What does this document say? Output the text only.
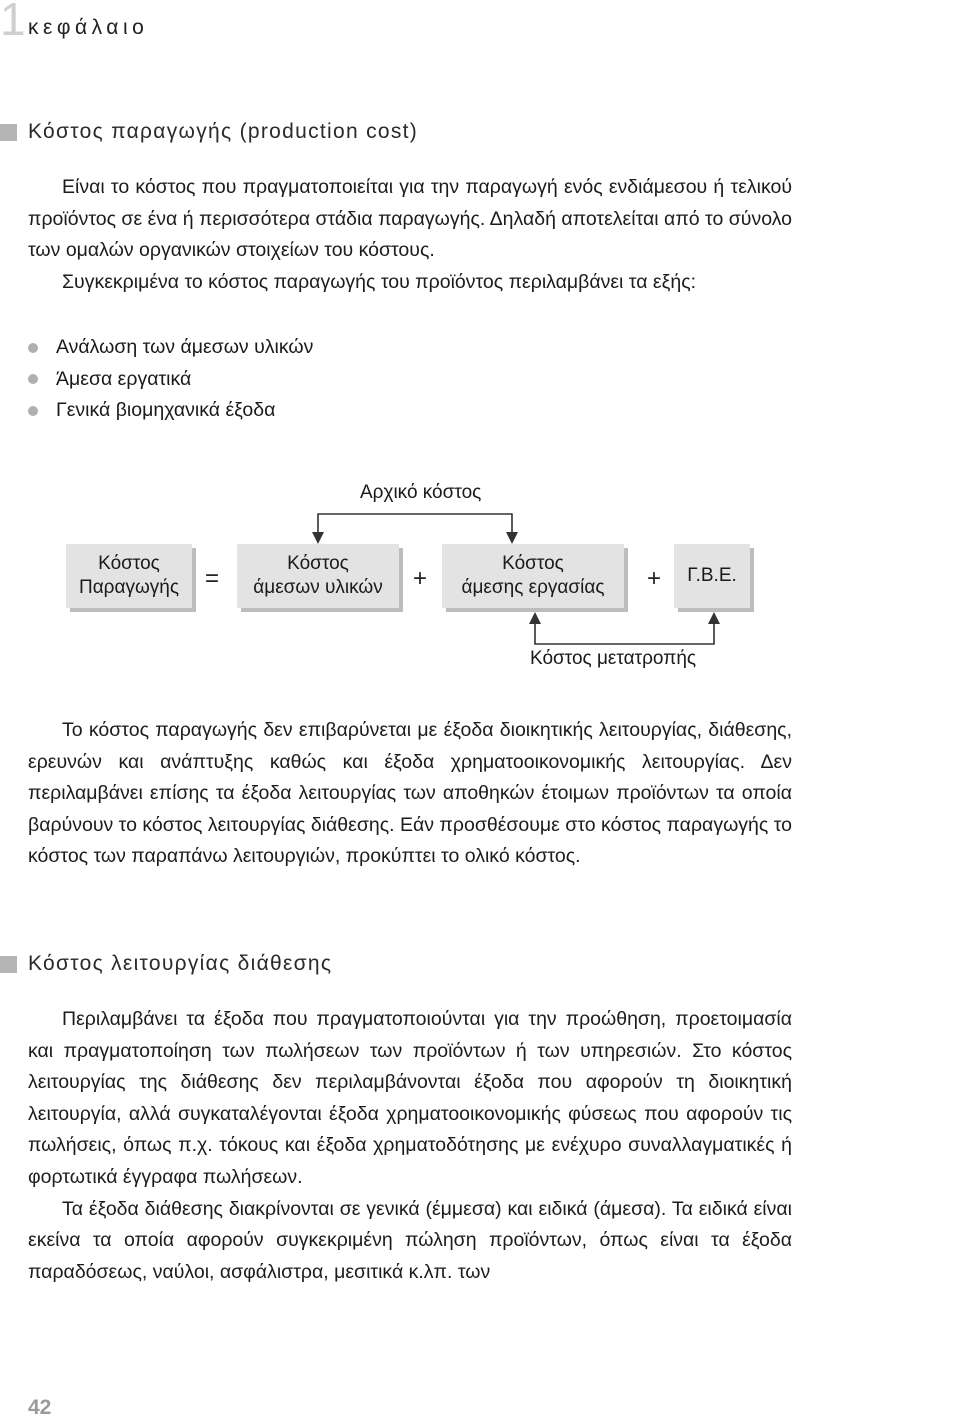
1 κεφάλαιο
Κόστος παραγωγής (production cost)

Είναι το κόστος που πραγματοποιείται για την παραγωγή ενός ενδιάμεσου ή τελικού προϊόντος σε ένα ή περισσότερα στάδια παραγωγής. Δηλαδή αποτελείται από το σύνολο των ομαλών οργανικών στοιχείων του κόστους.

Συγκεκριμένα το κόστος παραγωγής του προϊόντος περιλαμβάνει τα εξής:

Ανάλωση των άμεσων υλικών
Άμεσα εργατικά
Γενικά βιομηχανικά έξοδα
Αρχικό κόστος
Κόστος
Παραγωγής =
Κόστος
άμεσων υλικών +
Κόστος
άμεσης εργασίας + Γ.Β.Ε.
Κόστος μετατροπής

Το κόστος παραγωγής δεν επιβαρύνεται με έξοδα διοικητικής λειτουργίας, διάθεσης, ερευνών και ανάπτυξης καθώς και έξοδα χρηματοοικονομικής λειτουργίας. Δεν περιλαμβάνει επίσης τα έξοδα λειτουργίας των αποθηκών έτοιμων προϊόντων τα οποία βαρύνουν το κόστος λειτουργίας διάθεσης. Εάν προσθέσουμε στο κόστος παραγωγής το κόστος των παραπάνω λειτουργιών, προκύπτει το ολικό κόστος.

Κόστος λειτουργίας διάθεσης

Περιλαμβάνει τα έξοδα που πραγματοποιούνται για την προώθηση, προετοιμασία και πραγματοποίηση των πωλήσεων των προϊόντων ή των υπηρεσιών. Στο κόστος λειτουργίας της διάθεσης δεν περιλαμβάνονται έξοδα που αφορούν τη διοικητική λειτουργία, αλλά συγκαταλέγονται έξοδα χρηματοοικονομικής φύσεως που αφορούν τις πωλήσεις, όπως π.χ. τόκους και έξοδα χρηματοδότησης με ενέχυρο συναλλαγματικές ή φορτωτικά έγγραφα πωλήσεων.

Τα έξοδα διάθεσης διακρίνονται σε γενικά (έμμεσα) και ειδικά (άμεσα). Τα ειδικά είναι εκείνα τα οποία αφορούν συγκεκριμένη πώληση προϊόντων, όπως είναι τα έξοδα παραδόσεως, ναύλοι, ασφάλιστρα, μεσιτικά κ.λπ. των

42
